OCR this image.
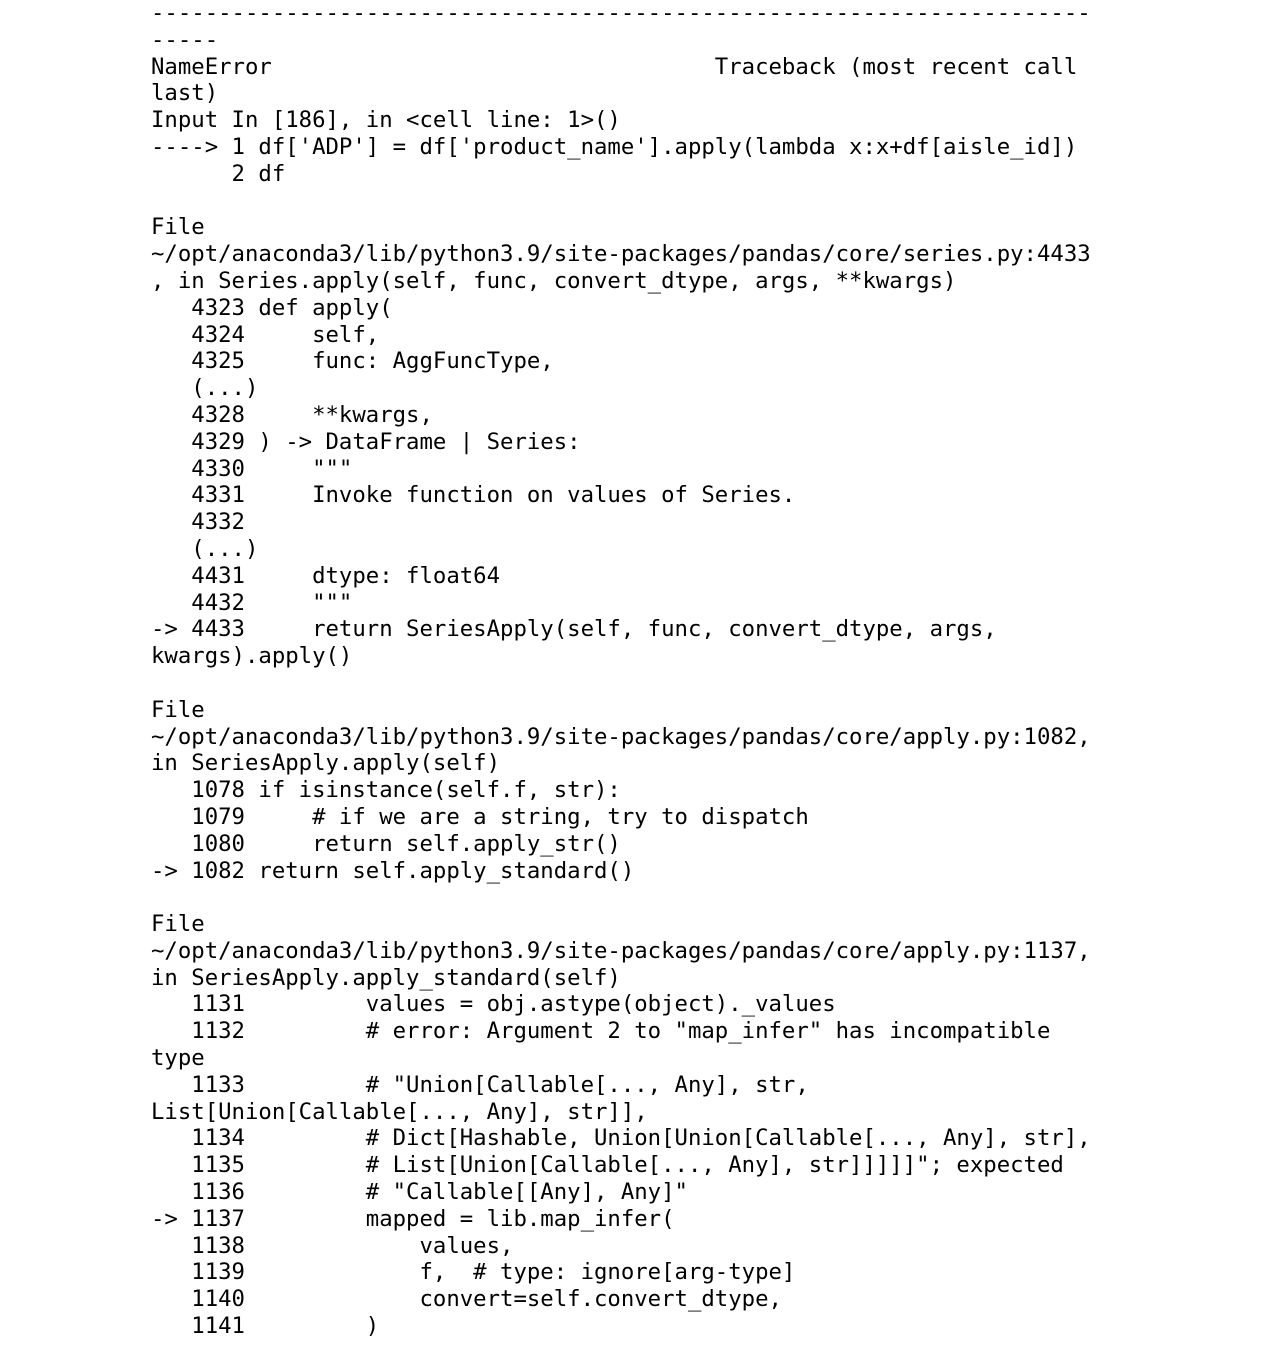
----------------------------------------------------------------------
-----
NameError                                 Traceback (most recent call
last)
Input In [186], in <cell line: 1>()
----> 1 df['ADP'] = df['product_name'].apply(lambda x:x+df[aisle_id])
2 df
File
~/opt/anaconda3/lib/python3.9/site-packages/pandas/core/series.py:4433
, in Series.apply(self, func, convert_dtype, args, **kwargs)
4323 def apply(
4324     self,
4325     func: AggFuncType,
(...)
4328     **kwargs,
4329 ) -> DataFrame | Series:
4330     """
4331     Invoke function on values of Series.
4332
(...)
4431     dtype: float64
4432     """
-> 4433     return SeriesApply(self, func, convert_dtype, args,
kwargs).apply()
File
~/opt/anaconda3/lib/python3.9/site-packages/pandas/core/apply.py:1082,
in SeriesApply.apply(self)
1078 if isinstance(self.f, str):
1079     # if we are a string, try to dispatch
1080     return self.apply_str()
-> 1082 return self.apply_standard()
File
~/opt/anaconda3/lib/python3.9/site-packages/pandas/core/apply.py:1137,
in SeriesApply.apply_standard(self)
1131         values = obj.astype(object)._values
1132         # error: Argument 2 to "map_infer" has incompatible
type
1133         # "Union[Callable[..., Any], str,
List[Union[Callable[..., Any], str]],
1134         # Dict[Hashable, Union[Union[Callable[..., Any], str],
1135         # List[Union[Callable[..., Any], str]]]]]"; expected
1136         # "Callable[[Any], Any]"
-> 1137         mapped = lib.map_infer(
1138             values,
1139             f,  # type: ignore[arg-type]
1140             convert=self.convert_dtype,
1141         )
